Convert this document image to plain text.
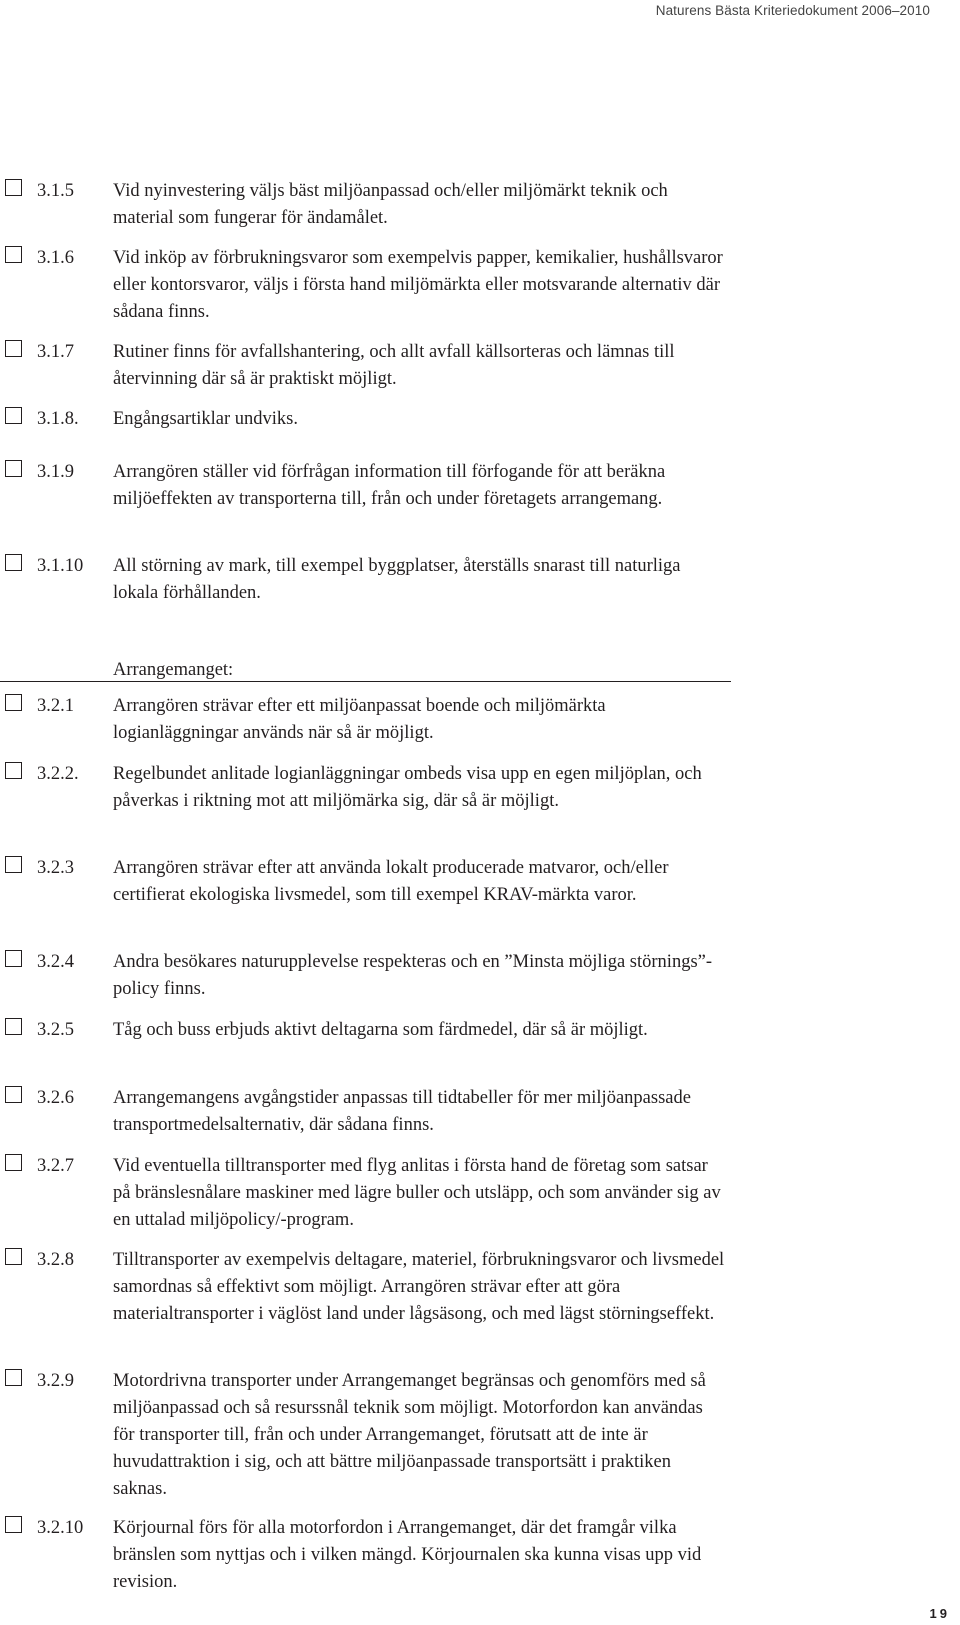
Naturens Bästa Kriteriedokument 2006–2010
3.1.5 Vid nyinvestering väljs bäst miljöanpassad och/eller miljömärkt teknik och material som fungerar för ändamålet.
3.1.6 Vid inköp av förbrukningsvaror som exempelvis papper, kemikalier, hushållsvaror eller kontorsvaror, väljs i första hand miljömärkta eller motsvarande alternativ där sådana finns.
3.1.7 Rutiner finns för avfallshantering, och allt avfall källsorteras och lämnas till återvinning där så är praktiskt möjligt.
3.1.8. Engångsartiklar undviks.
3.1.9 Arrangören ställer vid förfrågan information till förfogande för att beräkna miljöeffekten av transporterna till, från och under företagets arrangemang.
3.1.10 All störning av mark, till exempel byggplatser, återställs snarast till naturliga lokala förhållanden.
Arrangemanget:
3.2.1 Arrangören strävar efter ett miljöanpassat boende och miljömärkta logianläggningar används när så är möjligt.
3.2.2. Regelbundet anlitade logianläggningar ombeds visa upp en egen miljöplan, och påverkas i riktning mot att miljömärka sig, där så är möjligt.
3.2.3 Arrangören strävar efter att använda lokalt producerade matvaror, och/eller certifierat ekologiska livsmedel, som till exempel KRAV-märkta varor.
3.2.4 Andra besökares naturupplevelse respekteras och en ”Minsta möjliga störnings”-policy finns.
3.2.5 Tåg och buss erbjuds aktivt deltagarna som färdmedel, där så är möjligt.
3.2.6 Arrangemangens avgångstider anpassas till tidtabeller för mer miljöanpassade transportmedelsalternativ, där sådana finns.
3.2.7 Vid eventuella tilltransporter med flyg anlitas i första hand de företag som satsar på bränslesnålare maskiner med lägre buller och utsläpp, och som använder sig av en uttalad miljöpolicy/-program.
3.2.8 Tilltransporter av exempelvis deltagare, materiel, förbrukningsvaror och livsmedel samordnas så effektivt som möjligt. Arrangören strävar efter att göra materialtransporter i väglöst land under lågsäsong, och med lägst störningseffekt.
3.2.9 Motordrivna transporter under Arrangemanget begränsas och genomförs med så miljöanpassad och så resurssnål teknik som möjligt. Motorfordon kan användas för transporter till, från och under Arrangemanget, förutsatt att de inte är huvudattraktion i sig, och att bättre miljöanpassade transportsätt i praktiken saknas.
3.2.10 Körjournal förs för alla motorfordon i Arrangemanget, där det framgår vilka bränslen som nyttjas och i vilken mängd. Körjournalen ska kunna visas upp vid revision.
19
